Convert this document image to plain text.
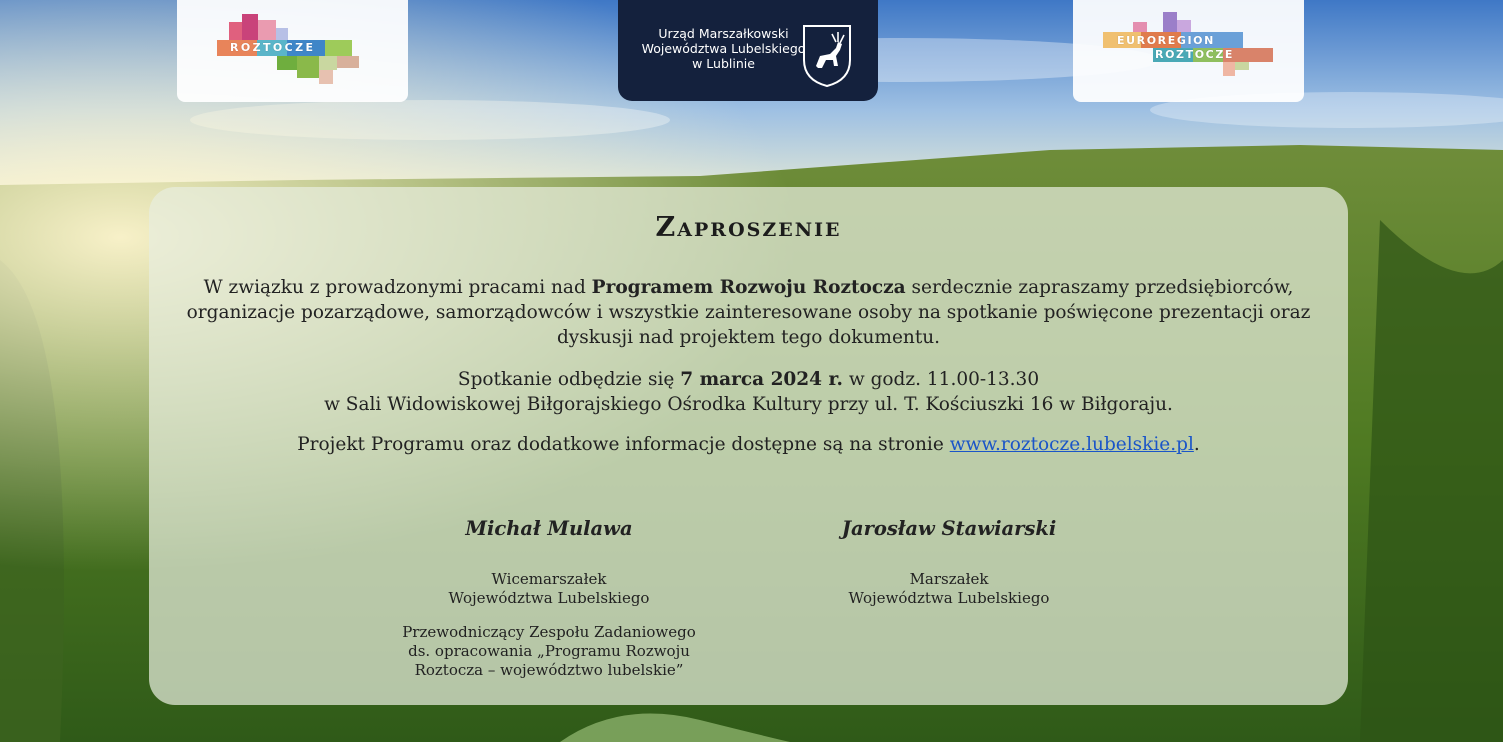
ROZTOCZE
Urząd Marszałkowski
Województwa Lubelskiego
w Lublinie
EUROREGION
ROZTOCZE
Zaproszenie
W związku z prowadzonymi pracami nad Programem Rozwoju Roztocza serdecznie zapraszamy przedsiębiorców, organizacje pozarządowe, samorządowców i wszystkie zainteresowane osoby na spotkanie poświęcone prezentacji oraz dyskusji nad projektem tego dokumentu.
Spotkanie odbędzie się 7 marca 2024 r. w godz. 11.00-13.30
w Sali Widowiskowej Biłgorajskiego Ośrodka Kultury przy ul. T. Kościuszki 16 w Biłgoraju.
Projekt Programu oraz dodatkowe informacje dostępne są na stronie www.roztocze.lubelskie.pl.
Michał Mulawa
Wicemarszałek
Województwa Lubelskiego
Przewodniczący Zespołu Zadaniowego
ds. opracowania „Programu Rozwoju
Roztocza – województwo lubelskie”
Jarosław Stawiarski
Marszałek
Województwa Lubelskiego
